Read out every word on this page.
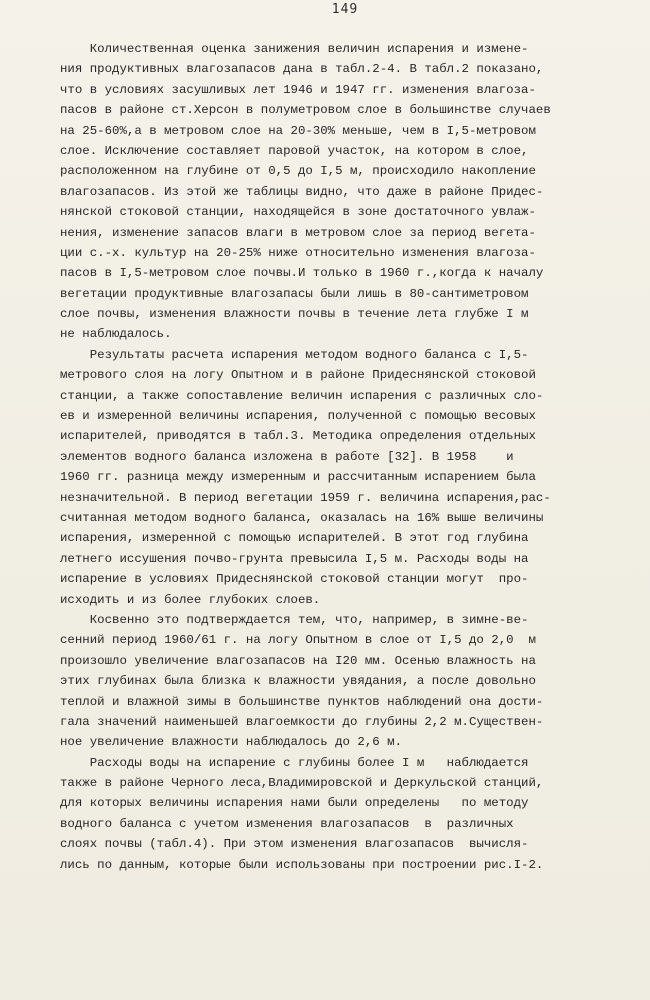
149
Количественная оценка занижения величин испарения и измене-
ния продуктивных влагозапасов дана в табл.2-4. В табл.2 показано,
что в условиях засушливых лет 1946 и 1947 гг. изменения влагоза-
пасов в районе ст.Херсон в полуметровом слое в большинстве случаев
на 25-60%,а в метровом слое на 20-30% меньше, чем в I,5-метровом
слое. Исключение составляет паровой участок, на котором в слое,
расположенном на глубине от 0,5 до I,5 м, происходило накопление
влагозапасов. Из этой же таблицы видно, что даже в районе Придес-
нянской стоковой станции, находящейся в зоне достаточного увлаж-
нения, изменение запасов влаги в метровом слое за период вегета-
ции с.-х. культур на 20-25% ниже относительно изменения влагоза-
пасов в I,5-метровом слое почвы.И только в 1960 г.,когда к началу
вегетации продуктивные влагозапасы были лишь в 80-сантиметровом
слое почвы, изменения влажности почвы в течение лета глубже I м
не наблюдалось.
Результаты расчета испарения методом водного баланса с I,5-
метрового слоя на логу Опытном и в районе Придеснянской стоковой
станции, а также сопоставление величин испарения с различных сло-
ев и измеренной величины испарения, полученной с помощью весовых
испарителей, приводятся в табл.3. Методика определения отдельных
элементов водного баланса изложена в работе [32]. В 1958    и
1960 гг. разница между измеренным и рассчитанным испарением была
незначительной. В период вегетации 1959 г. величина испарения,рас-
считанная методом водного баланса, оказалась на 16% выше величины
испарения, измеренной с помощью испарителей. В этот год глубина
летнего иссушения почво-грунта превысила I,5 м. Расходы воды на
испарение в условиях Придеснянской стоковой станции могут  про-
исходить и из более глубоких слоев.
Косвенно это подтверждается тем, что, например, в зимне-ве-
сенний период 1960/61 г. на логу Опытном в слое от I,5 до 2,0  м
произошло увеличение влагозапасов на I20 мм. Осенью влажность на
этих глубинах была близка к влажности увядания, а после довольно
теплой и влажной зимы в большинстве пунктов наблюдений она дости-
гала значений наименьшей влагоемкости до глубины 2,2 м.Существен-
ное увеличение влажности наблюдалось до 2,6 м.
Расходы воды на испарение с глубины более I м   наблюдается
также в районе Черного леса,Владимировской и Деркульской станций,
для которых величины испарения нами были определены   по методу
водного баланса с учетом изменения влагозапасов  в  различных
слоях почвы (табл.4). При этом изменения влагозапасов  вычисля-
лись по данным, которые были использованы при построении рис.I-2.
